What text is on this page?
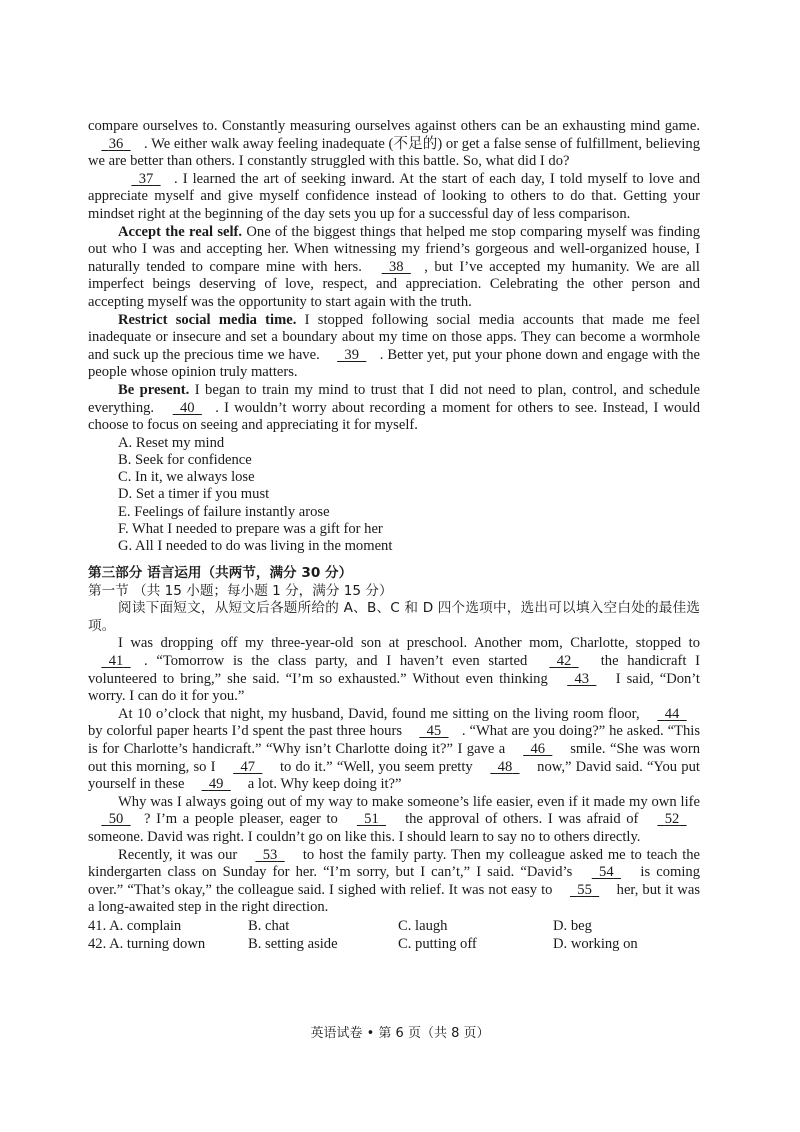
compare ourselves to. Constantly measuring ourselves against others can be an exhausting mind game. 36 . We either walk away feeling inadequate (不足的) or get a false sense of fulfillment, believing we are better than others. I constantly struggled with this battle. So, what did I do?

37 . I learned the art of seeking inward. At the start of each day, I told myself to love and appreciate myself and give myself confidence instead of looking to others to do that. Getting your mindset right at the beginning of the day sets you up for a successful day of less comparison.

Accept the real self. One of the biggest things that helped me stop comparing myself was finding out who I was and accepting her. When witnessing my friend’s gorgeous and well-organized house, I naturally tended to compare mine with hers. 38 , but I’ve accepted my humanity. We are all imperfect beings deserving of love, respect, and appreciation. Celebrating the other person and accepting myself was the opportunity to start again with the truth.

Restrict social media time. I stopped following social media accounts that made me feel inadequate or insecure and set a boundary about my time on those apps. They can become a wormhole and suck up the precious time we have. 39 . Better yet, put your phone down and engage with the people whose opinion truly matters.

Be present. I began to train my mind to trust that I did not need to plan, control, and schedule everything. 40 . I wouldn’t worry about recording a moment for others to see. Instead, I would choose to focus on seeing and appreciating it for myself.

A. Reset my mind

B. Seek for confidence

C. In it, we always lose

D. Set a timer if you must

E. Feelings of failure instantly arose

F. What I needed to prepare was a gift for her

G. All I needed to do was living in the moment

第三部分 语言运用（共两节，满分 30 分）

第一节 （共 15 小题；每小题 1 分，满分 15 分）

阅读下面短文，从短文后各题所给的 A、B、C 和 D 四个选项中，选出可以填入空白处的最佳选项。

I was dropping off my three-year-old son at preschool. Another mom, Charlotte, stopped to 41 . “Tomorrow is the class party, and I haven’t even started 42 the handicraft I volunteered to bring,” she said. “I’m so exhausted.” Without even thinking 43 I said, “Don’t worry. I can do it for you.”

At 10 o’clock that night, my husband, David, found me sitting on the living room floor, 44 by colorful paper hearts I’d spent the past three hours 45 . “What are you doing?” he asked. “This is for Charlotte’s handicraft.” “Why isn’t Charlotte doing it?” I gave a 46 smile. “She was worn out this morning, so I 47 to do it.” “Well, you seem pretty 48 now,” David said. “You put yourself in these 49 a lot. Why keep doing it?”

Why was I always going out of my way to make someone’s life easier, even if it made my own life 50 ? I’m a people pleaser, eager to 51 the approval of others. I was afraid of 52 someone. David was right. I couldn’t go on like this. I should learn to say no to others directly.

Recently, it was our 53 to host the family party. Then my colleague asked me to teach the kindergarten class on Sunday for her. “I’m sorry, but I can’t,” I said. “David’s 54 is coming over.” “That’s okay,” the colleague said. I sighed with relief. It was not easy to 55 her, but it was a long-awaited step in the right direction.

41. A. complain	B. chat	C. laugh	D. beg
42. A. turning down	B. setting aside	C. putting off	D. working on
英语试卷 • 第 6 页（共 8 页）
